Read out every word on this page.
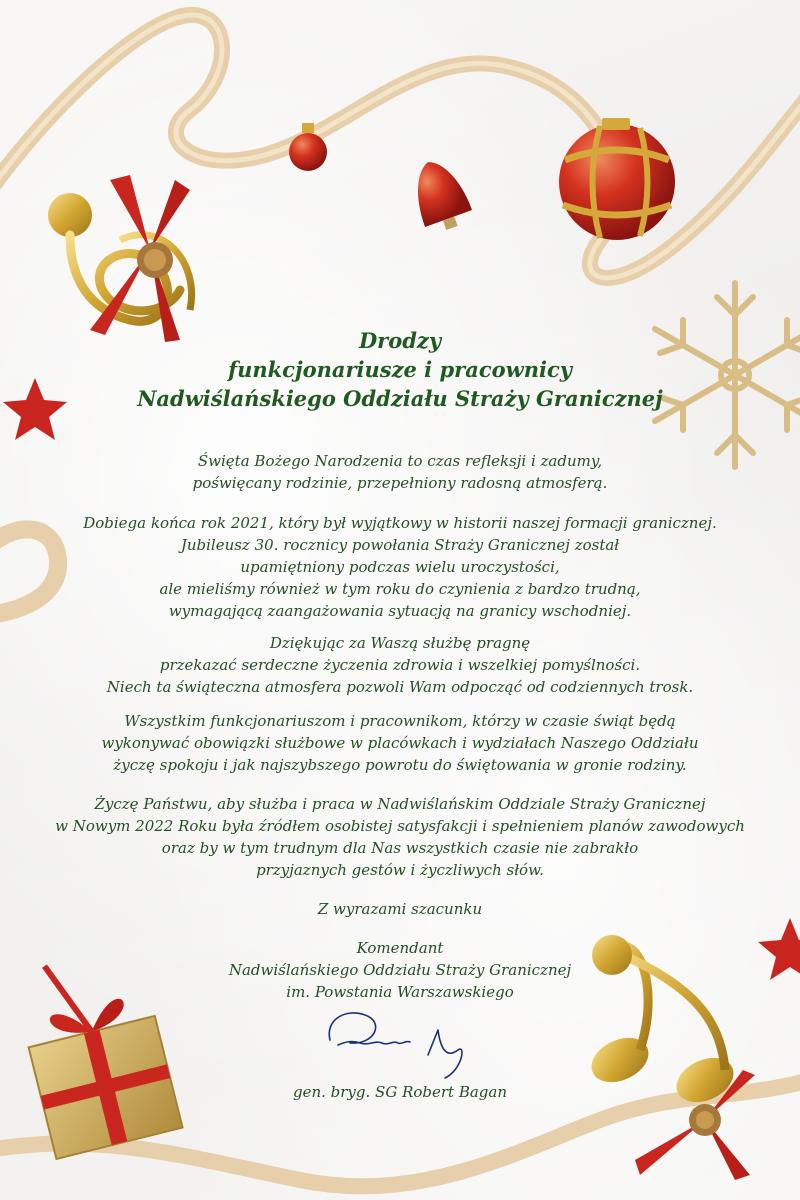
Drodzy
funkcjonariusze i pracownicy
Nadwiślańskiego Oddziału Straży Granicznej
Święta Bożego Narodzenia to czas refleksji i zadumy,
poświęcany rodzinie, przepełniony radosną atmosferą.
Dobiega końca rok 2021, który był wyjątkowy w historii naszej formacji granicznej.
Jubileusz 30. rocznicy powołania Straży Granicznej został
upamiętniony podczas wielu uroczystości,
ale mieliśmy również w tym roku do czynienia z bardzo trudną,
wymagającą zaangażowania sytuacją na granicy wschodniej.
Dziękując za Waszą służbę pragnę
przekazać serdeczne życzenia zdrowia i wszelkiej pomyślności.
Niech ta świąteczna atmosfera pozwoli Wam odpocząć od codziennych trosk.
Wszystkim funkcjonariuszom i pracownikom, którzy w czasie świąt będą
wykonywać obowiązki służbowe w placówkach i wydziałach Naszego Oddziału
życzę spokoju i jak najszybszego powrotu do świętowania w gronie rodziny.
Życzę Państwu, aby służba i praca w Nadwiślańskim Oddziale Straży Granicznej
w Nowym 2022 Roku była źródłem osobistej satysfakcji i spełnieniem planów zawodowych
oraz by w tym trudnym dla Nas wszystkich czasie nie zabrakło
przyjaznych gestów i życzliwych słów.
Z wyrazami szacunku
Komendant
Nadwiślańskiego Oddziału Straży Granicznej
im. Powstania Warszawskiego
gen. bryg. SG Robert Bagan
